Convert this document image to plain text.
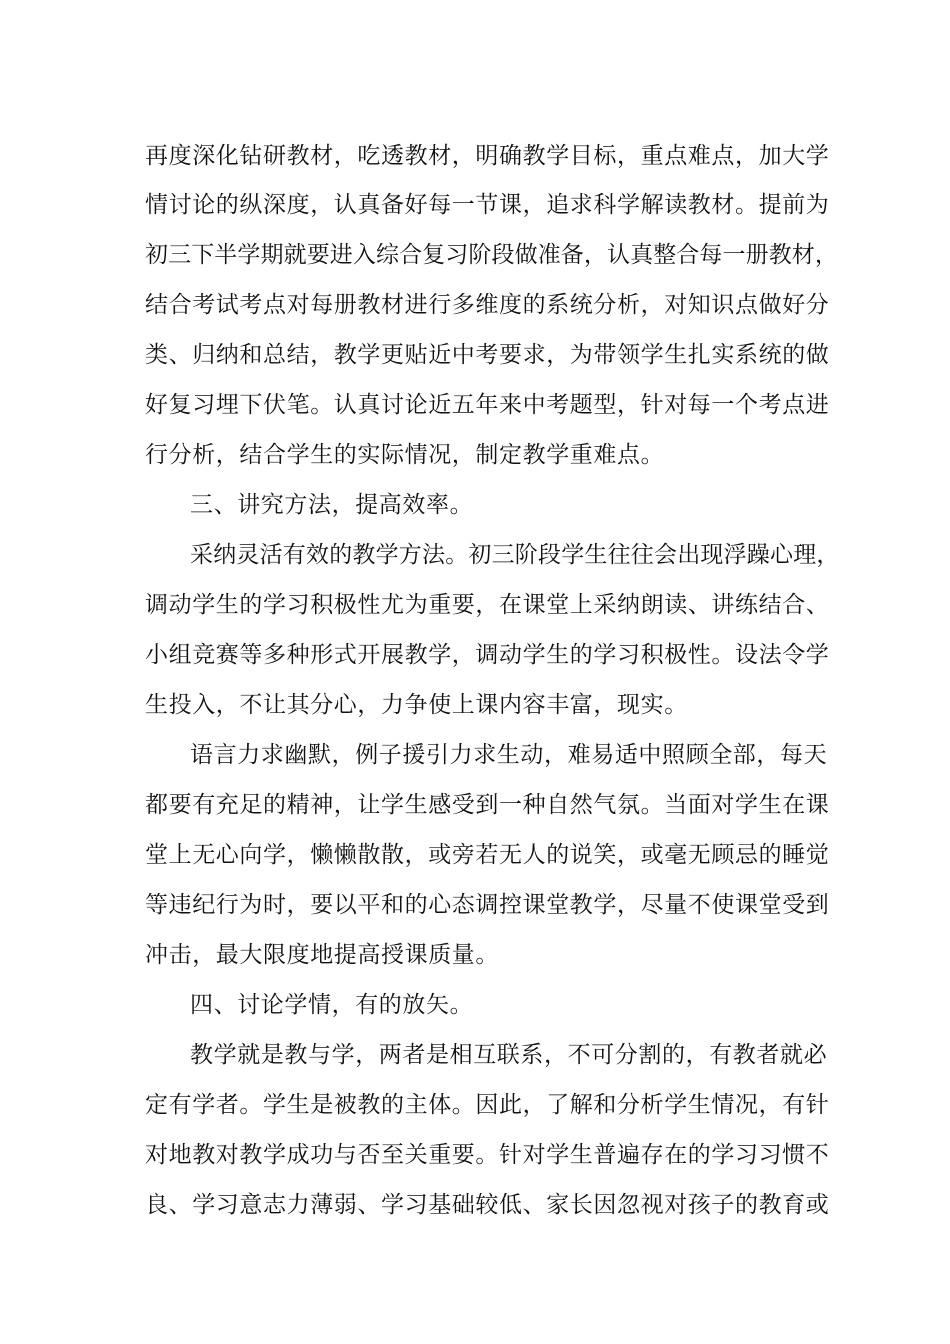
再度深化钻研教材，吃透教材，明确教学目标，重点难点，加大学
情讨论的纵深度，认真备好每一节课，追求科学解读教材。提前为
初三下半学期就要进入综合复习阶段做准备，认真整合每一册教材，
结合考试考点对每册教材进行多维度的系统分析，对知识点做好分
类、归纳和总结，教学更贴近中考要求，为带领学生扎实系统的做
好复习埋下伏笔。认真讨论近五年来中考题型，针对每一个考点进
行分析，结合学生的实际情况，制定教学重难点。
三、讲究方法，提高效率。
采纳灵活有效的教学方法。初三阶段学生往往会出现浮躁心理，
调动学生的学习积极性尤为重要，在课堂上采纳朗读、讲练结合、
小组竞赛等多种形式开展教学，调动学生的学习积极性。设法令学
生投入，不让其分心，力争使上课内容丰富，现实。
语言力求幽默，例子援引力求生动，难易适中照顾全部，每天
都要有充足的精神，让学生感受到一种自然气氛。当面对学生在课
堂上无心向学，懒懒散散，或旁若无人的说笑，或毫无顾忌的睡觉
等违纪行为时，要以平和的心态调控课堂教学，尽量不使课堂受到
冲击，最大限度地提高授课质量。
四、讨论学情，有的放矢。
教学就是教与学，两者是相互联系，不可分割的，有教者就必
定有学者。学生是被教的主体。因此，了解和分析学生情况，有针
对地教对教学成功与否至关重要。针对学生普遍存在的学习习惯不
良、学习意志力薄弱、学习基础较低、家长因忽视对孩子的教育或
